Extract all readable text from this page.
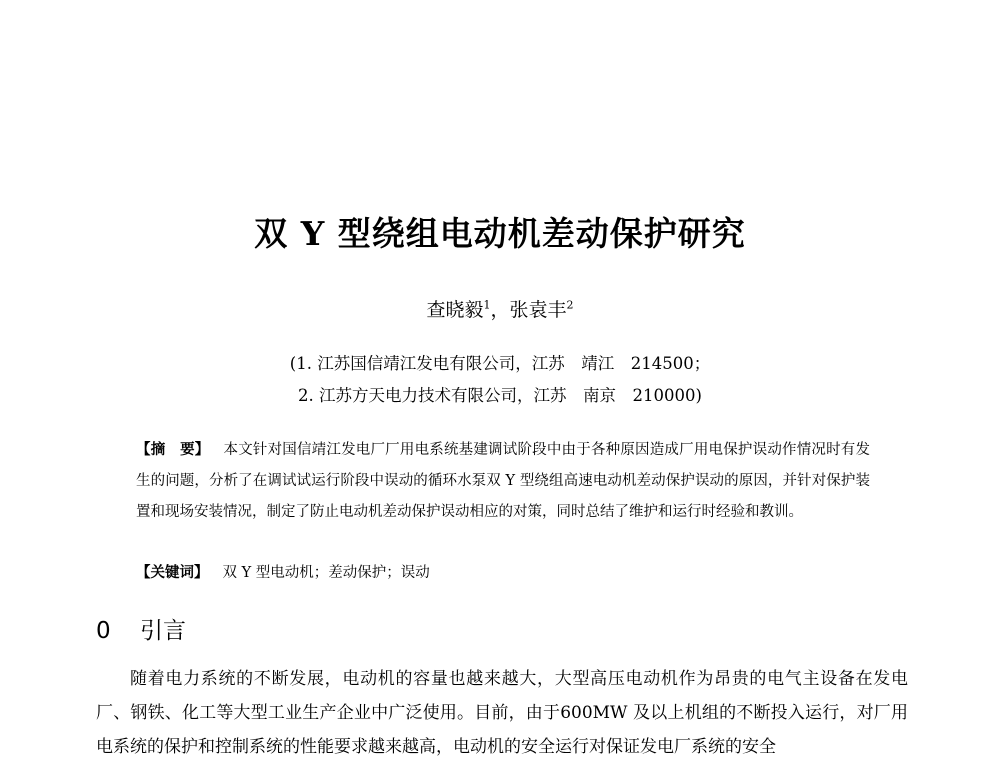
双 Y 型绕组电动机差动保护研究
查晓毅$^1$，张袁丰$^2$
(1. 江苏国信靖江发电有限公司，江苏　靖江　214500；
2. 江苏方天电力技术有限公司，江苏　南京　210000)
【摘　要】 本文针对国信靖江发电厂厂用电系统基建调试阶段中由于各种原因造成厂用电保护误动作情况时有发生的问题，分析了在调试试运行阶段中误动的循环水泵双 Y 型绕组高速电动机差动保护误动的原因，并针对保护装置和现场安装情况，制定了防止电动机差动保护误动相应的对策，同时总结了维护和运行时经验和教训。
【关键词】 双 Y 型电动机；差动保护；误动
0 引言
随着电力系统的不断发展，电动机的容量也越来越大，大型高压电动机作为昂贵的电气主设备在发电厂、钢铁、化工等大型工业生产企业中广泛使用。目前，由于600MW 及以上机组的不断投入运行，对厂用电系统的保护和控制系统的性能要求越来越高，电动机的安全运行对保证发电厂系统的安全
